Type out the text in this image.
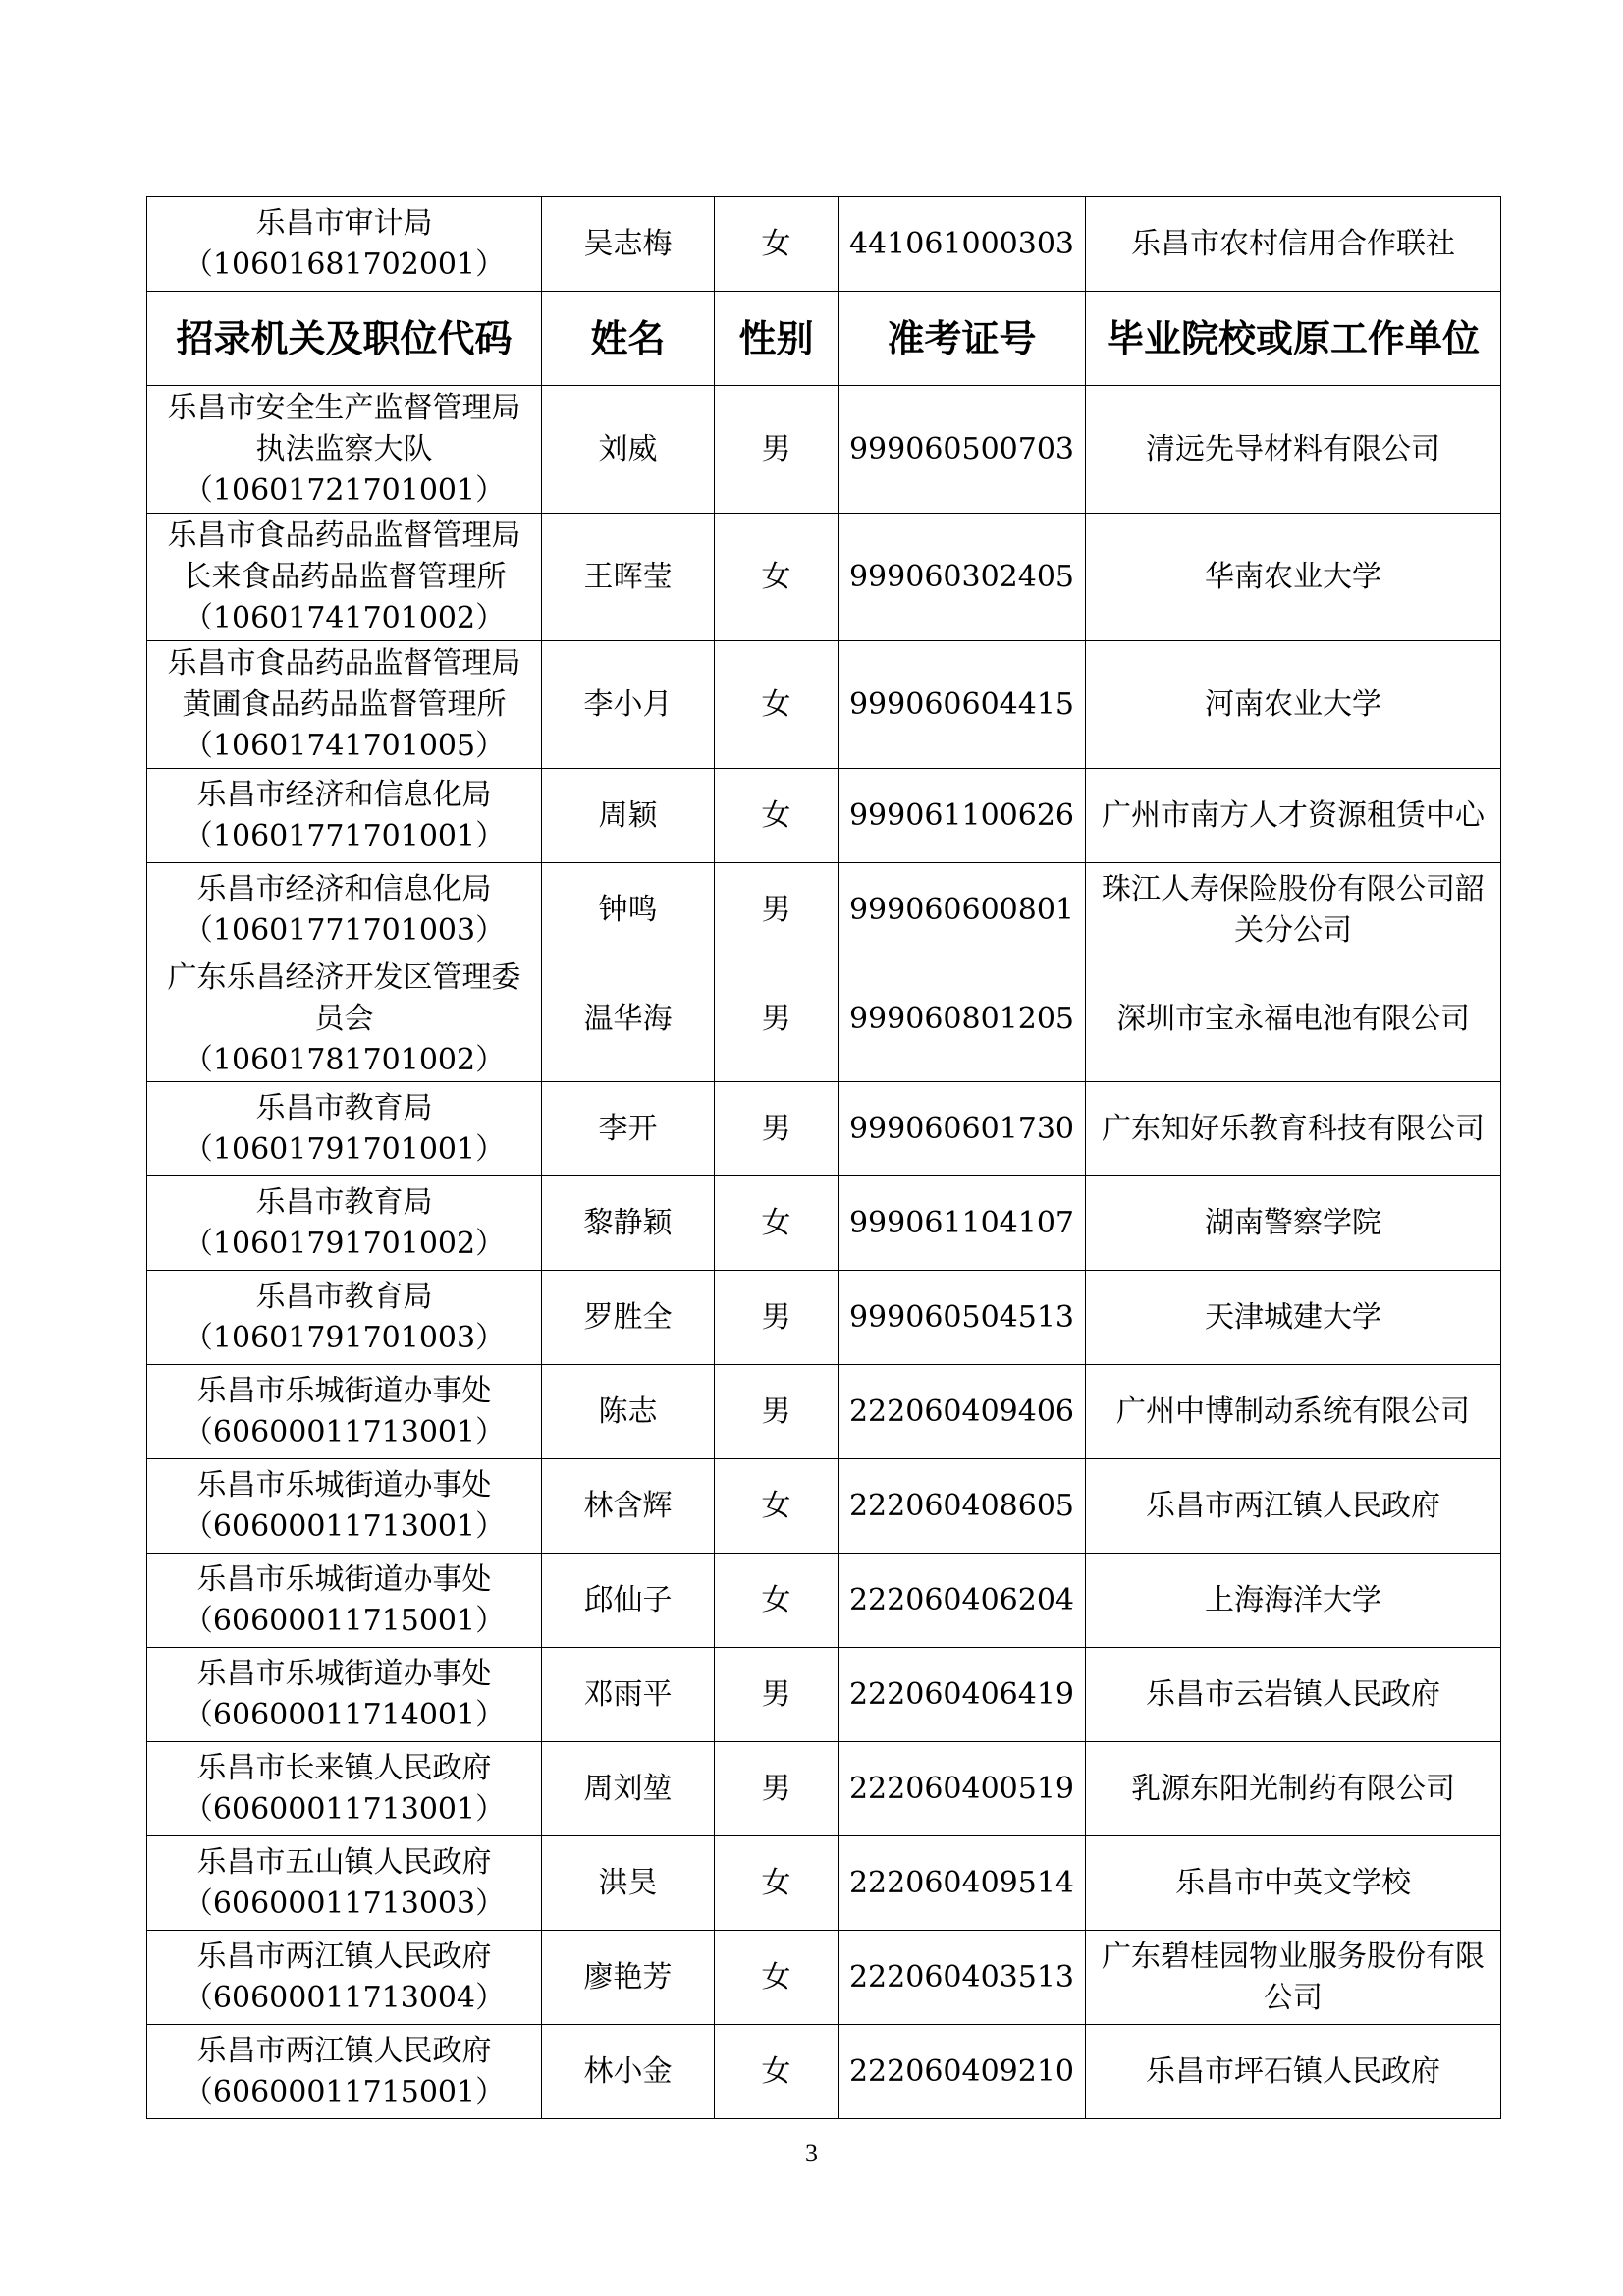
乐昌市审计局
（10601681702001）	吴志梅	女	441061000303	乐昌市农村信用合作联社
招录机关及职位代码	姓名	性别	准考证号	毕业院校或原工作单位

乐昌市安全生产监督管理局执法监察大队
（10601721701001）	刘威	男	999060500703	清远先导材料有限公司

乐昌市食品药品监督管理局长来食品药品监督管理所
（10601741701002）	王晖莹	女	999060302405	华南农业大学

乐昌市食品药品监督管理局黄圃食品药品监督管理所
（10601741701005）	李小月	女	999060604415	河南农业大学

乐昌市经济和信息化局
（10601771701001）	周颖	女	999061100626	广州市南方人才资源租赁中心

乐昌市经济和信息化局
（10601771701003）	钟鸣	男	999060600801	珠江人寿保险股份有限公司韶关分公司

广东乐昌经济开发区管理委员会
（10601781701002）	温华海	男	999060801205	深圳市宝永福电池有限公司

乐昌市教育局
（10601791701001）	李开	男	999060601730	广东知好乐教育科技有限公司

乐昌市教育局
（10601791701002）	黎静颖	女	999061104107	湖南警察学院

乐昌市教育局
（10601791701003）	罗胜全	男	999060504513	天津城建大学

乐昌市乐城街道办事处
（60600011713001）	陈志	男	222060409406	广州中博制动系统有限公司

乐昌市乐城街道办事处
（60600011713001）	林含辉	女	222060408605	乐昌市两江镇人民政府

乐昌市乐城街道办事处
（60600011715001）	邱仙子	女	222060406204	上海海洋大学

乐昌市乐城街道办事处
（60600011714001）	邓雨平	男	222060406419	乐昌市云岩镇人民政府

乐昌市长来镇人民政府
（60600011713001）	周刘堃	男	222060400519	乳源东阳光制药有限公司

乐昌市五山镇人民政府
（60600011713003）	洪昊	女	222060409514	乐昌市中英文学校

乐昌市两江镇人民政府
（60600011713004）	廖艳芳	女	222060403513	广东碧桂园物业服务股份有限公司

乐昌市两江镇人民政府
（60600011715001）	林小金	女	222060409210	乐昌市坪石镇人民政府
3
